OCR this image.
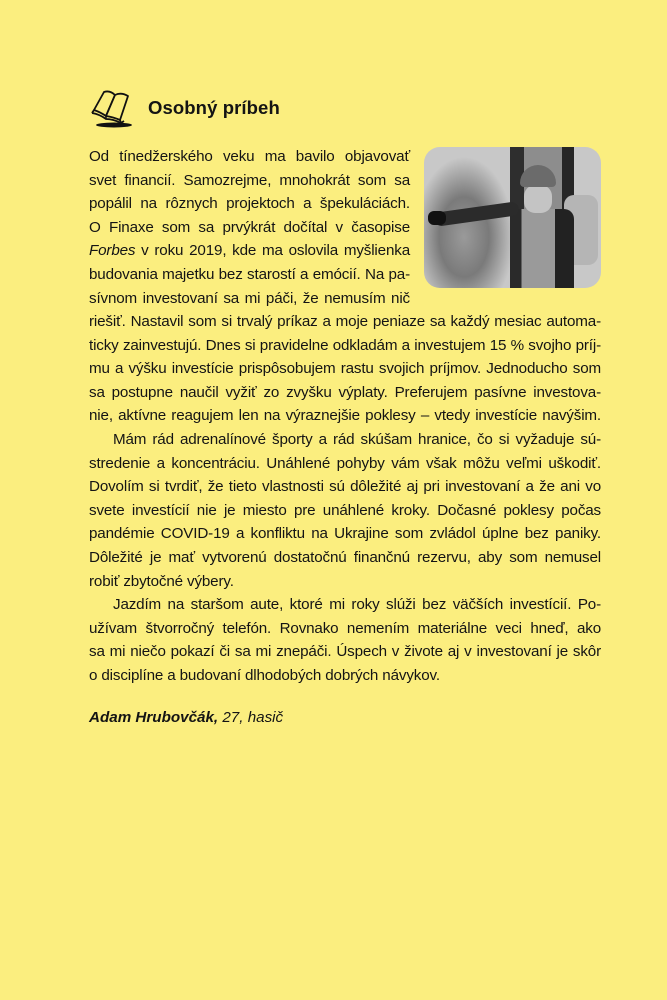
Osobný príbeh
Od tínedžerského veku ma bavilo objavovať
svet financií. Samozrejme, mnohokrát som sa
popálil na rôznych projektoch a špekuláciách.
O Finaxe som sa prvýkrát dočítal v časopise
Forbes v roku 2019, kde ma oslovila myšlienka
budovania majetku bez starostí a emócií. Na pa-
sívnom investovaní sa mi páči, že nemusím nič
riešiť. Nastavil som si trvalý príkaz a moje peniaze sa každý mesiac automa-
ticky zainvestujú. Dnes si pravidelne odkladám a investujem 15 % svojho príj-
mu a výšku investície prispôsobujem rastu svojich príjmov. Jednoducho som
sa postupne naučil vyžiť zo zvyšku výplaty. Preferujem pasívne investova-
nie, aktívne reagujem len na výraznejšie poklesy – vtedy investície navýšim.
Mám rád adrenalínové športy a rád skúšam hranice, čo si vyžaduje sú-
stredenie a koncentráciu. Unáhlené pohyby vám však môžu veľmi uškodiť.
Dovolím si tvrdiť, že tieto vlastnosti sú dôležité aj pri investovaní a že ani vo
svete investícií nie je miesto pre unáhlené kroky. Dočasné poklesy počas
pandémie COVID-19 a konfliktu na Ukrajine som zvládol úplne bez paniky.
Dôležité je mať vytvorenú dostatočnú finančnú rezervu, aby som nemusel
robiť zbytočné výbery.
Jazdím na staršom aute, ktoré mi roky slúži bez väčších investícií. Po-
užívam štvorročný telefón. Rovnako nemením materiálne veci hneď, ako
sa mi niečo pokazí či sa mi znepáči. Úspech v živote aj v investovaní je skôr
o disciplíne a budovaní dlhodobých dobrých návykov.
Adam Hrubovčák, 27, hasič
